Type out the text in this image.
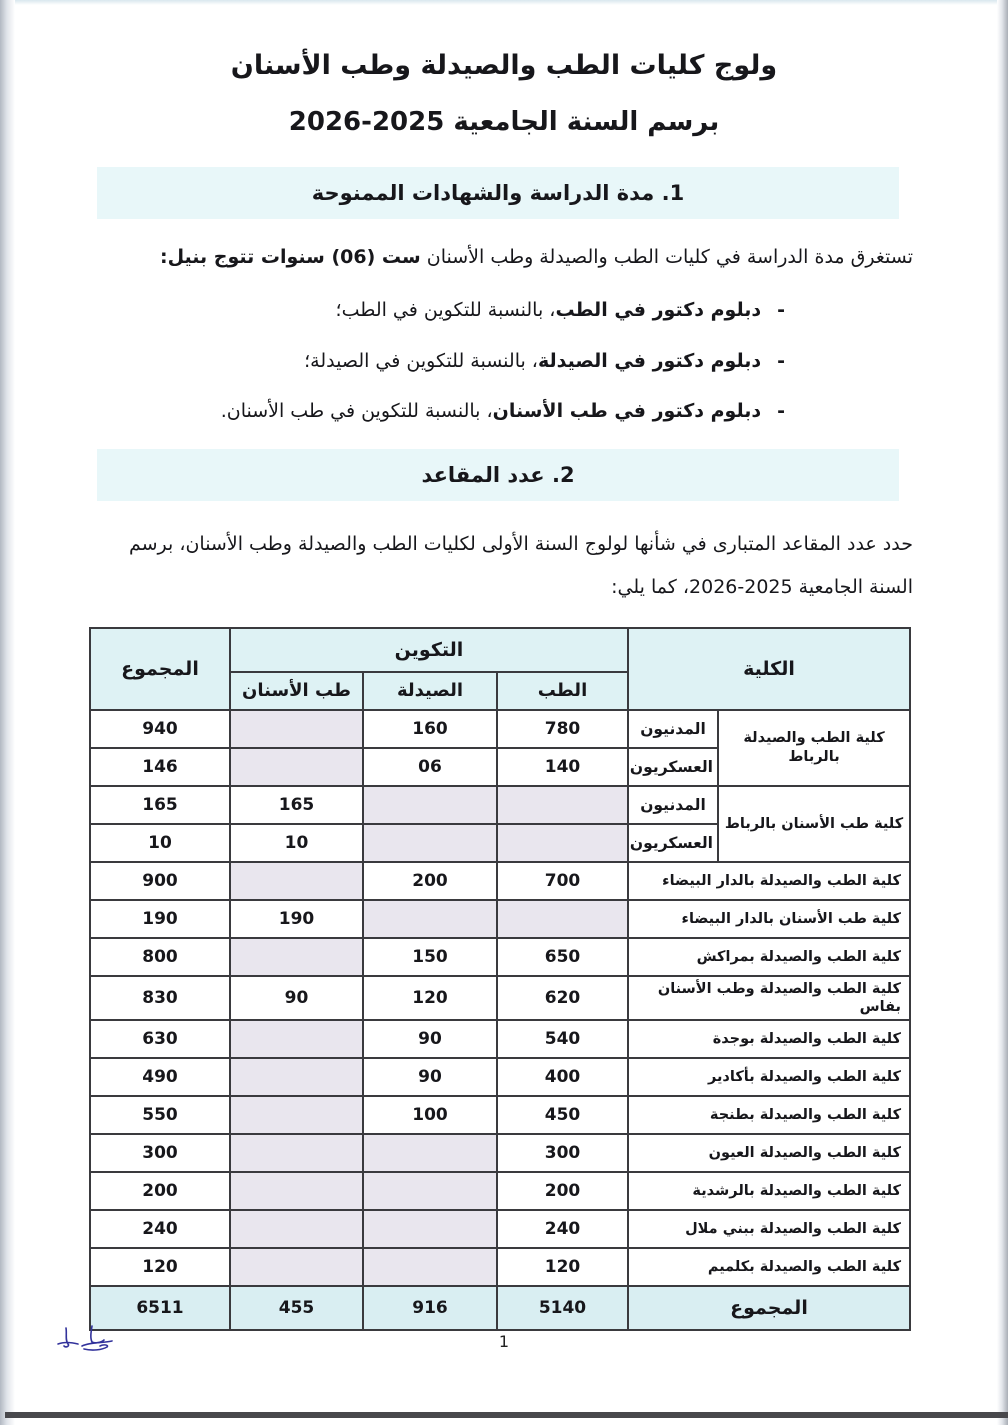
ولوج كليات الطب والصيدلة وطب الأسنان
برسم السنة الجامعية 2025-2026
1. مدة الدراسة والشهادات الممنوحة

تستغرق مدة الدراسة في كليات الطب والصيدلة وطب الأسنان ست (06) سنوات تتوج بنيل:

-
دبلوم دكتور في الطب، بالنسبة للتكوين في الطب؛
-
دبلوم دكتور في الصيدلة، بالنسبة للتكوين في الصيدلة؛
-
دبلوم دكتور في طب الأسنان، بالنسبة للتكوين في طب الأسنان.
2. عدد المقاعد

حدد عدد المقاعد المتبارى في شأنها لولوج السنة الأولى لكليات الطب والصيدلة وطب الأسنان، برسم السنة الجامعية 2025-2026، كما يلي:

الكلية		التكوين			المجموع
		الطب	الصيدلة	طب الأسنان	
كلية الطب والصيدلة بالرباط	المدنيون	780	160		940
	العسكريون	140	06		146
كلية طب الأسنان بالرباط	المدنيون			165	165
	العسكريون			10	10
كلية الطب والصيدلة بالدار البيضاء		700	200		900
كلية طب الأسنان بالدار البيضاء				190	190
كلية الطب والصيدلة بمراكش		650	150		800
كلية الطب والصيدلة وطب الأسنان بفاس		620	120	90	830
كلية الطب والصيدلة بوجدة		540	90		630
كلية الطب والصيدلة بأكادير		400	90		490
كلية الطب والصيدلة بطنجة		450	100		550
كلية الطب والصيدلة العيون		300			300
كلية الطب والصيدلة بالرشدية		200			200
كلية الطب والصيدلة ببني ملال		240			240
كلية الطب والصيدلة بكلميم		120			120
المجموع		5140	916	455	6511
1
